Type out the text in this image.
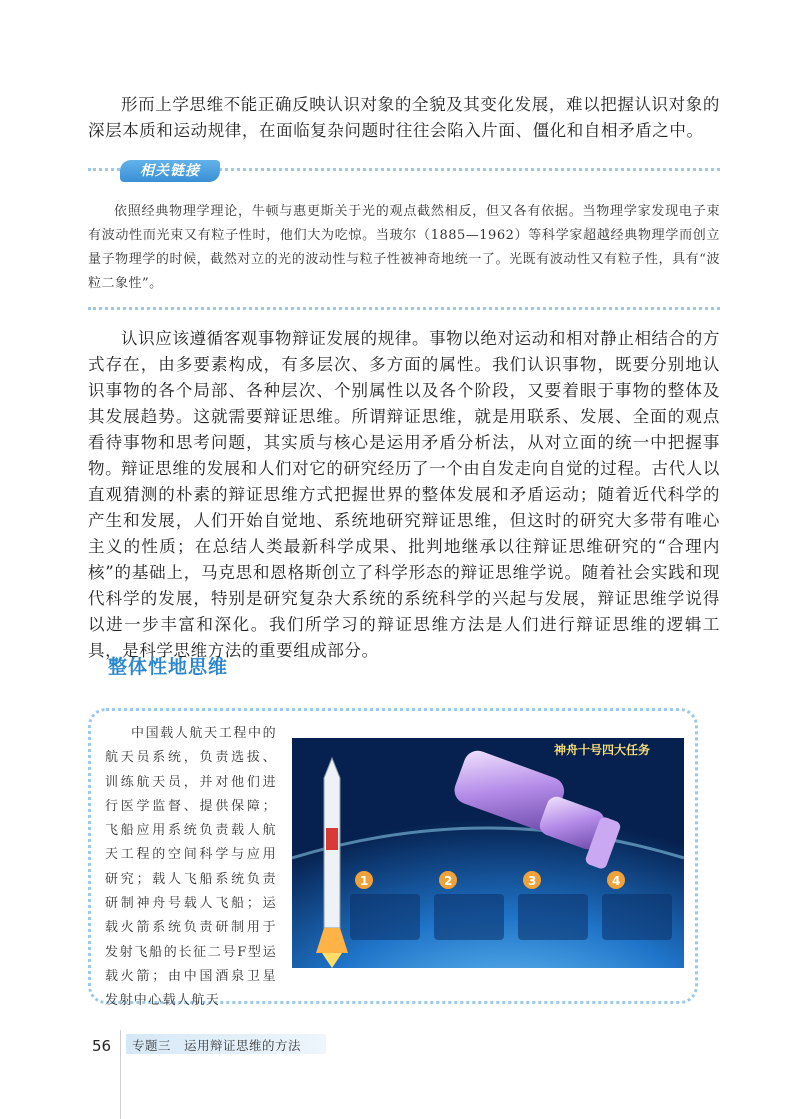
形而上学思维不能正确反映认识对象的全貌及其变化发展，难以把握认识对象的深层本质和运动规律，在面临复杂问题时往往会陷入片面、僵化和自相矛盾之中。

相关链接

依照经典物理学理论，牛顿与惠更斯关于光的观点截然相反，但又各有依据。当物理学家发现电子束有波动性而光束又有粒子性时，他们大为吃惊。当玻尔（1885—1962）等科学家超越经典物理学而创立量子物理学的时候，截然对立的光的波动性与粒子性被神奇地统一了。光既有波动性又有粒子性，具有“波粒二象性”。

认识应该遵循客观事物辩证发展的规律。事物以绝对运动和相对静止相结合的方式存在，由多要素构成，有多层次、多方面的属性。我们认识事物，既要分别地认识事物的各个局部、各种层次、个别属性以及各个阶段，又要着眼于事物的整体及其发展趋势。这就需要辩证思维。所谓辩证思维，就是用联系、发展、全面的观点看待事物和思考问题，其实质与核心是运用矛盾分析法，从对立面的统一中把握事物。

辩证思维的发展和人们对它的研究经历了一个由自发走向自觉的过程。古代人以直观猜测的朴素的辩证思维方式把握世界的整体发展和矛盾运动；随着近代科学的产生和发展，人们开始自觉地、系统地研究辩证思维，但这时的研究大多带有唯心主义的性质；在总结人类最新科学成果、批判地继承以往辩证思维研究的“合理内核”的基础上，马克思和恩格斯创立了科学形态的辩证思维学说。随着社会实践和现代科学的发展，特别是研究复杂大系统的系统科学的兴起与发展，辩证思维学说得以进一步丰富和深化。我们所学习的辩证思维方法是人们进行辩证思维的逻辑工具，是科学思维方法的重要组成部分。

整体性地思维

中国载人航天工程中的航天员系统，负责选拔、训练航天员，并对他们进行医学监督、提供保障；飞船应用系统负责载人航天工程的空间科学与应用研究；载人飞船系统负责研制神舟号载人飞船；运载火箭系统负责研制用于发射飞船的长征二号F型运载火箭；由中国酒泉卫星发射中心载人航天

神舟十号四大任务
1	2	3	4
56 专题三　运用辩证思维的方法
